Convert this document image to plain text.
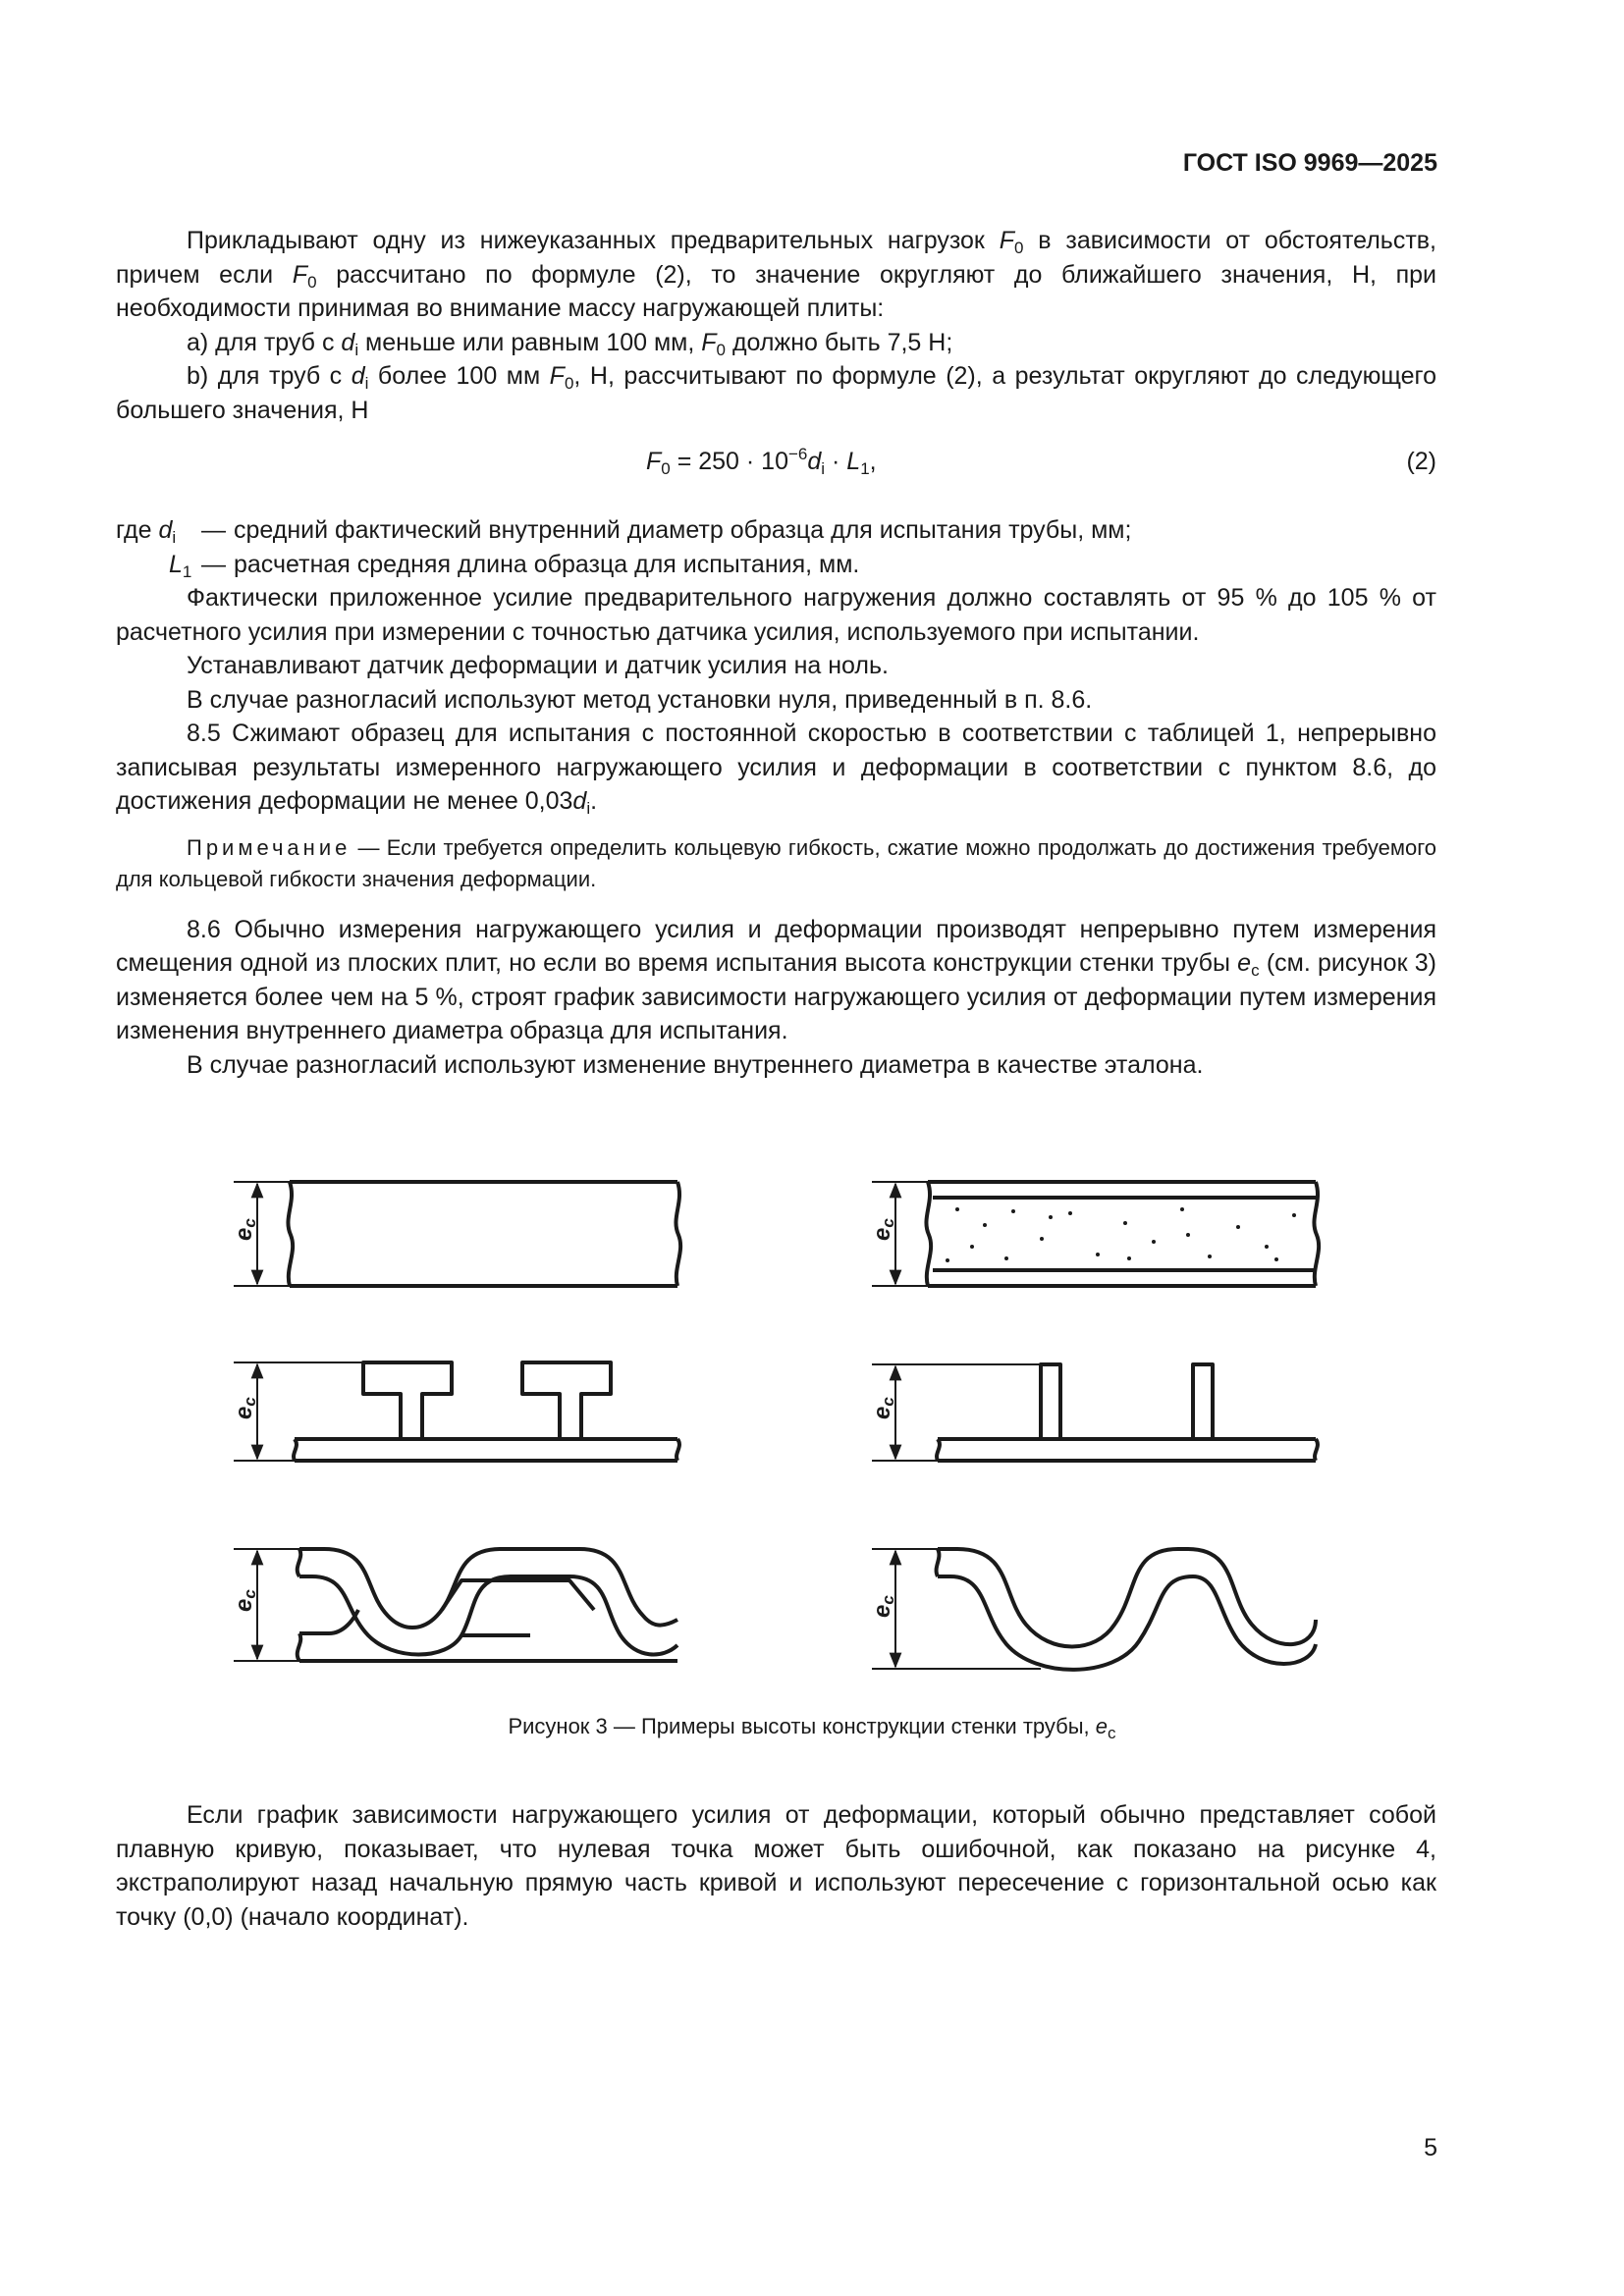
ГОСТ ISO 9969—2025

Прикладывают одну из нижеуказанных предварительных нагрузок $F_0$ в зависимости от обстоятельств, причем если $F_0$ рассчитано по формуле (2), то значение округляют до ближайшего значения, Н, при необходимости принимая во внимание массу нагружающей плиты:

a) для труб с $d_i$ меньше или равным 100 мм, $F_0$ должно быть 7,5 Н;

b) для труб с $d_i$ более 100 мм $F_0$, Н, рассчитывают по формуле (2), а результат округляют до следующего большего значения, Н

$F_0 = 250 \cdot 10^{-6}d_i \cdot L_1$,	(2)
где $d_i$	— средний фактический внутренний диаметр образца для испытания трубы, мм;
$L_1$ — расчетная средняя длина образца для испытания, мм.

Фактически приложенное усилие предварительного нагружения должно составлять от 95 % до 105 % от расчетного усилия при измерении с точностью датчика усилия, используемого при испытании.

Устанавливают датчик деформации и датчик усилия на ноль.

В случае разногласий используют метод установки нуля, приведенный в п. 8.6.

8.5 Сжимают образец для испытания с постоянной скоростью в соответствии с таблицей 1, непрерывно записывая результаты измеренного нагружающего усилия и деформации в соответствии с пунктом 8.6, до достижения деформации не менее $0,03d_i$.

Примечание — Если требуется определить кольцевую гибкость, сжатие можно продолжать до достижения требуемого для кольцевой гибкости значения деформации.

8.6 Обычно измерения нагружающего усилия и деформации производят непрерывно путем измерения смещения одной из плоских плит, но если во время испытания высота конструкции стенки трубы $e_c$ (см. рисунок 3) изменяется более чем на 5 %, строят график зависимости нагружающего усилия от деформации путем измерения изменения внутреннего диаметра образца для испытания.

В случае разногласий используют изменение внутреннего диаметра в качестве эталона.

ec
ec
ec
ec
ec
ec
Рисунок 3 — Примеры высоты конструкции стенки трубы, $e_c$

Если график зависимости нагружающего усилия от деформации, который обычно представляет собой плавную кривую, показывает, что нулевая точка может быть ошибочной, как показано на рисунке 4, экстраполируют назад начальную прямую часть кривой и используют пересечение с горизонтальной осью как точку (0,0) (начало координат).

5
